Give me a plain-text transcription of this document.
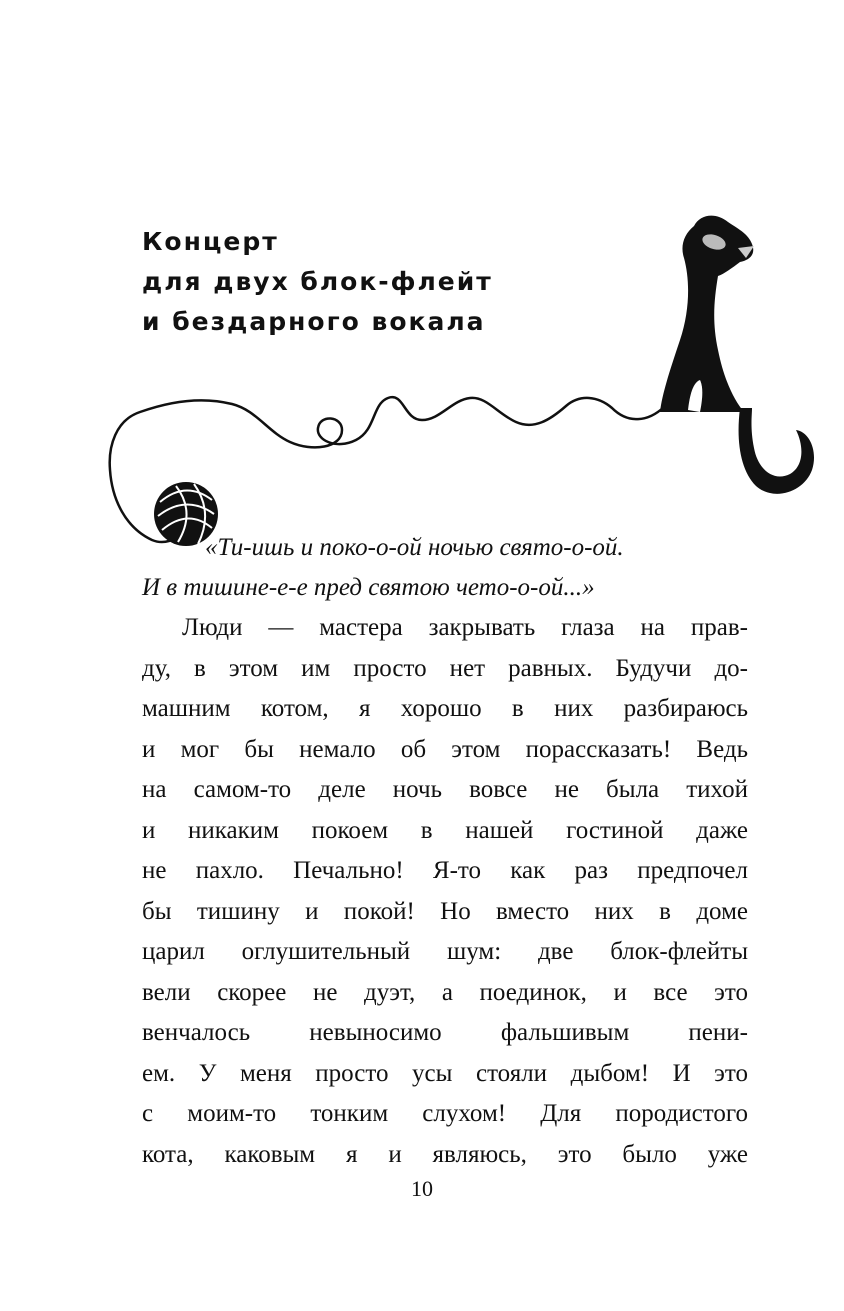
Концерт
для двух блок-флейт
и бездарного вокала
«Ти-ишь и поко-о-ой ночью свято-о-ой.
И в тишине-е-е пред святою чето-о-ой...»
Люди — мастера закрывать глаза на прав-
ду, в этом им просто нет равных. Будучи до-
машним котом, я хорошо в них разбираюсь
и мог бы немало об этом порассказать! Ведь
на самом-то деле ночь вовсе не была тихой
и никаким покоем в нашей гостиной даже
не пахло. Печально! Я-то как раз предпочел
бы тишину и покой! Но вместо них в доме
царил оглушительный шум: две блок-флейты
вели скорее не дуэт, а поединок, и все это
венчалось невыносимо фальшивым пени-
ем. У меня просто усы стояли дыбом! И это
с моим-то тонким слухом! Для породистого
кота, каковым я и являюсь, это было уже
10
